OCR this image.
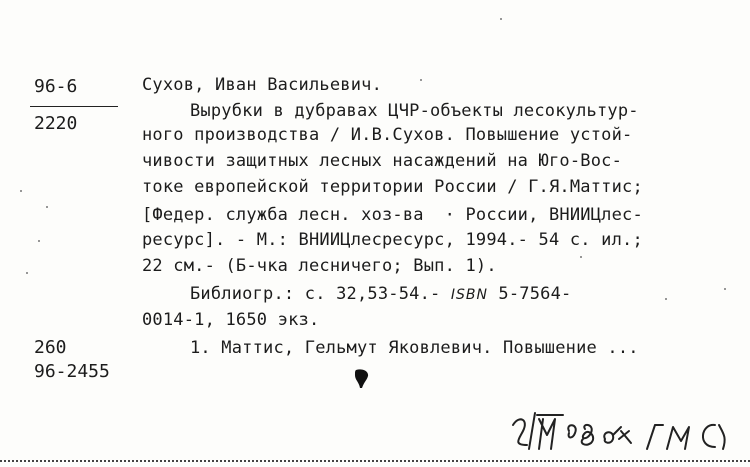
96-6
2220
Сухов, Иван Васильевич.
Вырубки в дубравах ЦЧР-объекты лесокультур-
ного производства / И.В.Сухов. Повышение устой-
чивости защитных лесных насаждений на Юго-Вос-
токе европейской территории России / Г.Я.Маттис;
[Федер. служба лесн. хоз-ва  · России, ВНИИЦлес-
ресурс]. - М.: ВНИИЦлесресурс, 1994.- 54 с. ил.;
22 см.- (Б-чка лесничего; Вып. 1).
Библиогр.: с. 32,53-54.- ISBN 5-7564-
0014-1, 1650 экз.
260
96-2455
1. Маттис, Гельмут Яковлевич. Повышение ...
